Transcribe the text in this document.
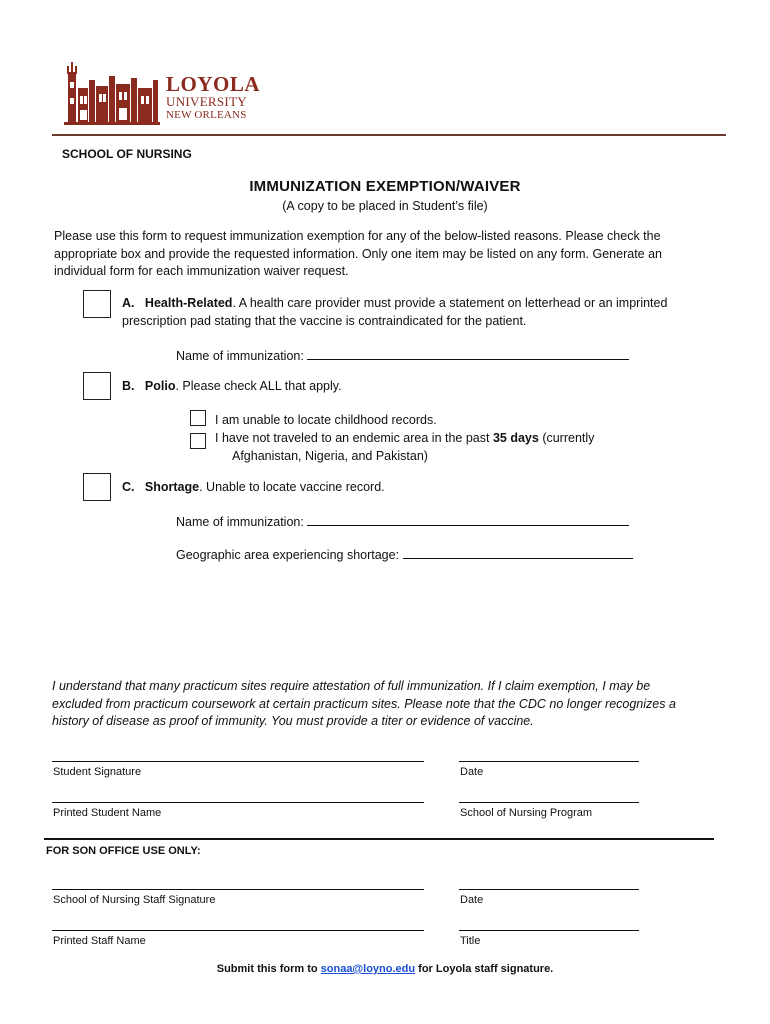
LOYOLA
UNIVERSITY
NEW ORLEANS
SCHOOL OF NURSING
IMMUNIZATION EXEMPTION/WAIVER
(A copy to be placed in Student’s file)
Please use this form to request immunization exemption for any of the below-listed reasons. Please check the appropriate box and provide the requested information. Only one item may be listed on any form. Generate an individual form for each immunization waiver request.
A. Health-Related. A health care provider must provide a statement on letterhead or an imprinted prescription pad stating that the vaccine is contraindicated for the patient.
Name of immunization:
B. Polio. Please check ALL that apply.
I am unable to locate childhood records.
I have not traveled to an endemic area in the past 35 days (currently
Afghanistan, Nigeria, and Pakistan)
C. Shortage. Unable to locate vaccine record.
Name of immunization:
Geographic area experiencing shortage:
I understand that many practicum sites require attestation of full immunization. If I claim exemption, I may be excluded from practicum coursework at certain practicum sites. Please note that the CDC no longer recognizes a history of disease as proof of immunity. You must provide a titer or evidence of vaccine.
Student Signature	Date
Printed Student Name	School of Nursing Program
FOR SON OFFICE USE ONLY:
School of Nursing Staff Signature	Date
Printed Staff Name	Title
Submit this form to sonaa@loyno.edu for Loyola staff signature.
